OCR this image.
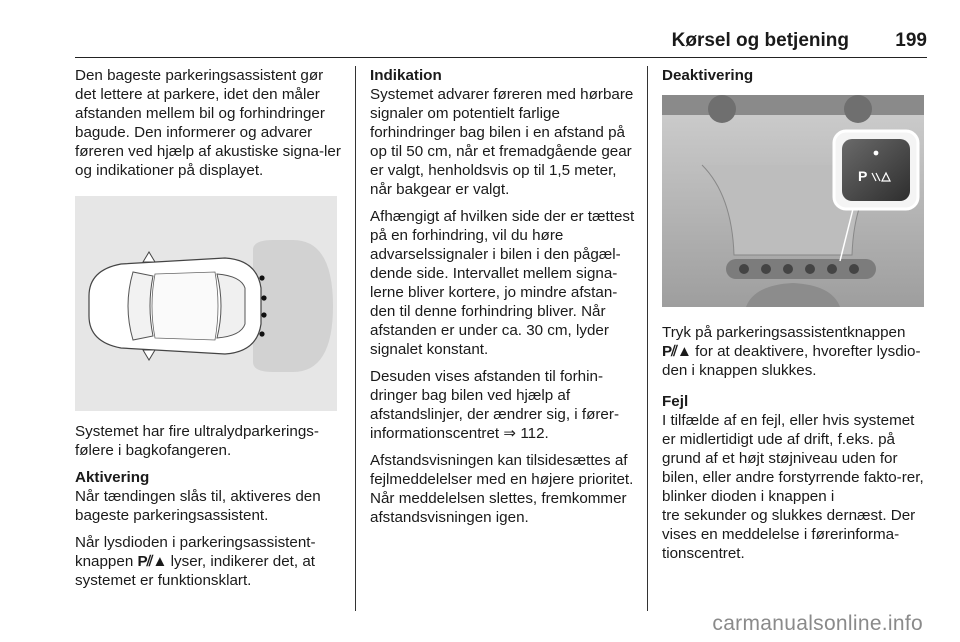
Kørsel og betjening 199

Den bageste parkeringsassistent gør det lettere at parkere, idet den måler afstanden mellem bil og forhindringer bagude. Den informerer og advarer føreren ved hjælp af akustiske signa-ler og indikationer på displayet.

Systemet har fire ultralydparkerings-følere i bagkofangeren.

Aktivering

Når tændingen slås til, aktiveres den bageste parkeringsassistent.

Når lysdioden i parkeringsassistent-knappen P⫽▲ lyser, indikerer det, at systemet er funktionsklart.

Indikation

Systemet advarer føreren med hørbare signaler om potentielt farlige forhindringer bag bilen i en afstand på op til 50 cm, når et fremadgående gear er valgt, henholdsvis op til 1,5 meter, når bakgear er valgt.

Afhængigt af hvilken side der er tættest på en forhindring, vil du høre advarselssignaler i bilen i den pågæl-dende side. Intervallet mellem signa-lerne bliver kortere, jo mindre afstan-den til denne forhindring bliver. Når afstanden er under ca. 30 cm, lyder signalet konstant.

Desuden vises afstanden til forhin-dringer bag bilen ved hjælp af afstandslinjer, der ændrer sig, i fører-informationscentret ⇒ 112.

Afstandsvisningen kan tilsidesættes af fejlmeddelelser med en højere prioritet. Når meddelelsen slettes, fremkommer afstandsvisningen igen.

Deaktivering
P

Tryk på parkeringsassistentknappen P⫽▲ for at deaktivere, hvorefter lysdio-den i knappen slukkes.

Fejl

I tilfælde af en fejl, eller hvis systemet er midlertidigt ude af drift, f.eks. på grund af et højt støjniveau uden for bilen, eller andre forstyrrende fakto-rer, blinker dioden i knappen i

tre sekunder og slukkes dernæst. Der vises en meddelelse i førerinforma-tionscentret.

carmanualsonline.info
